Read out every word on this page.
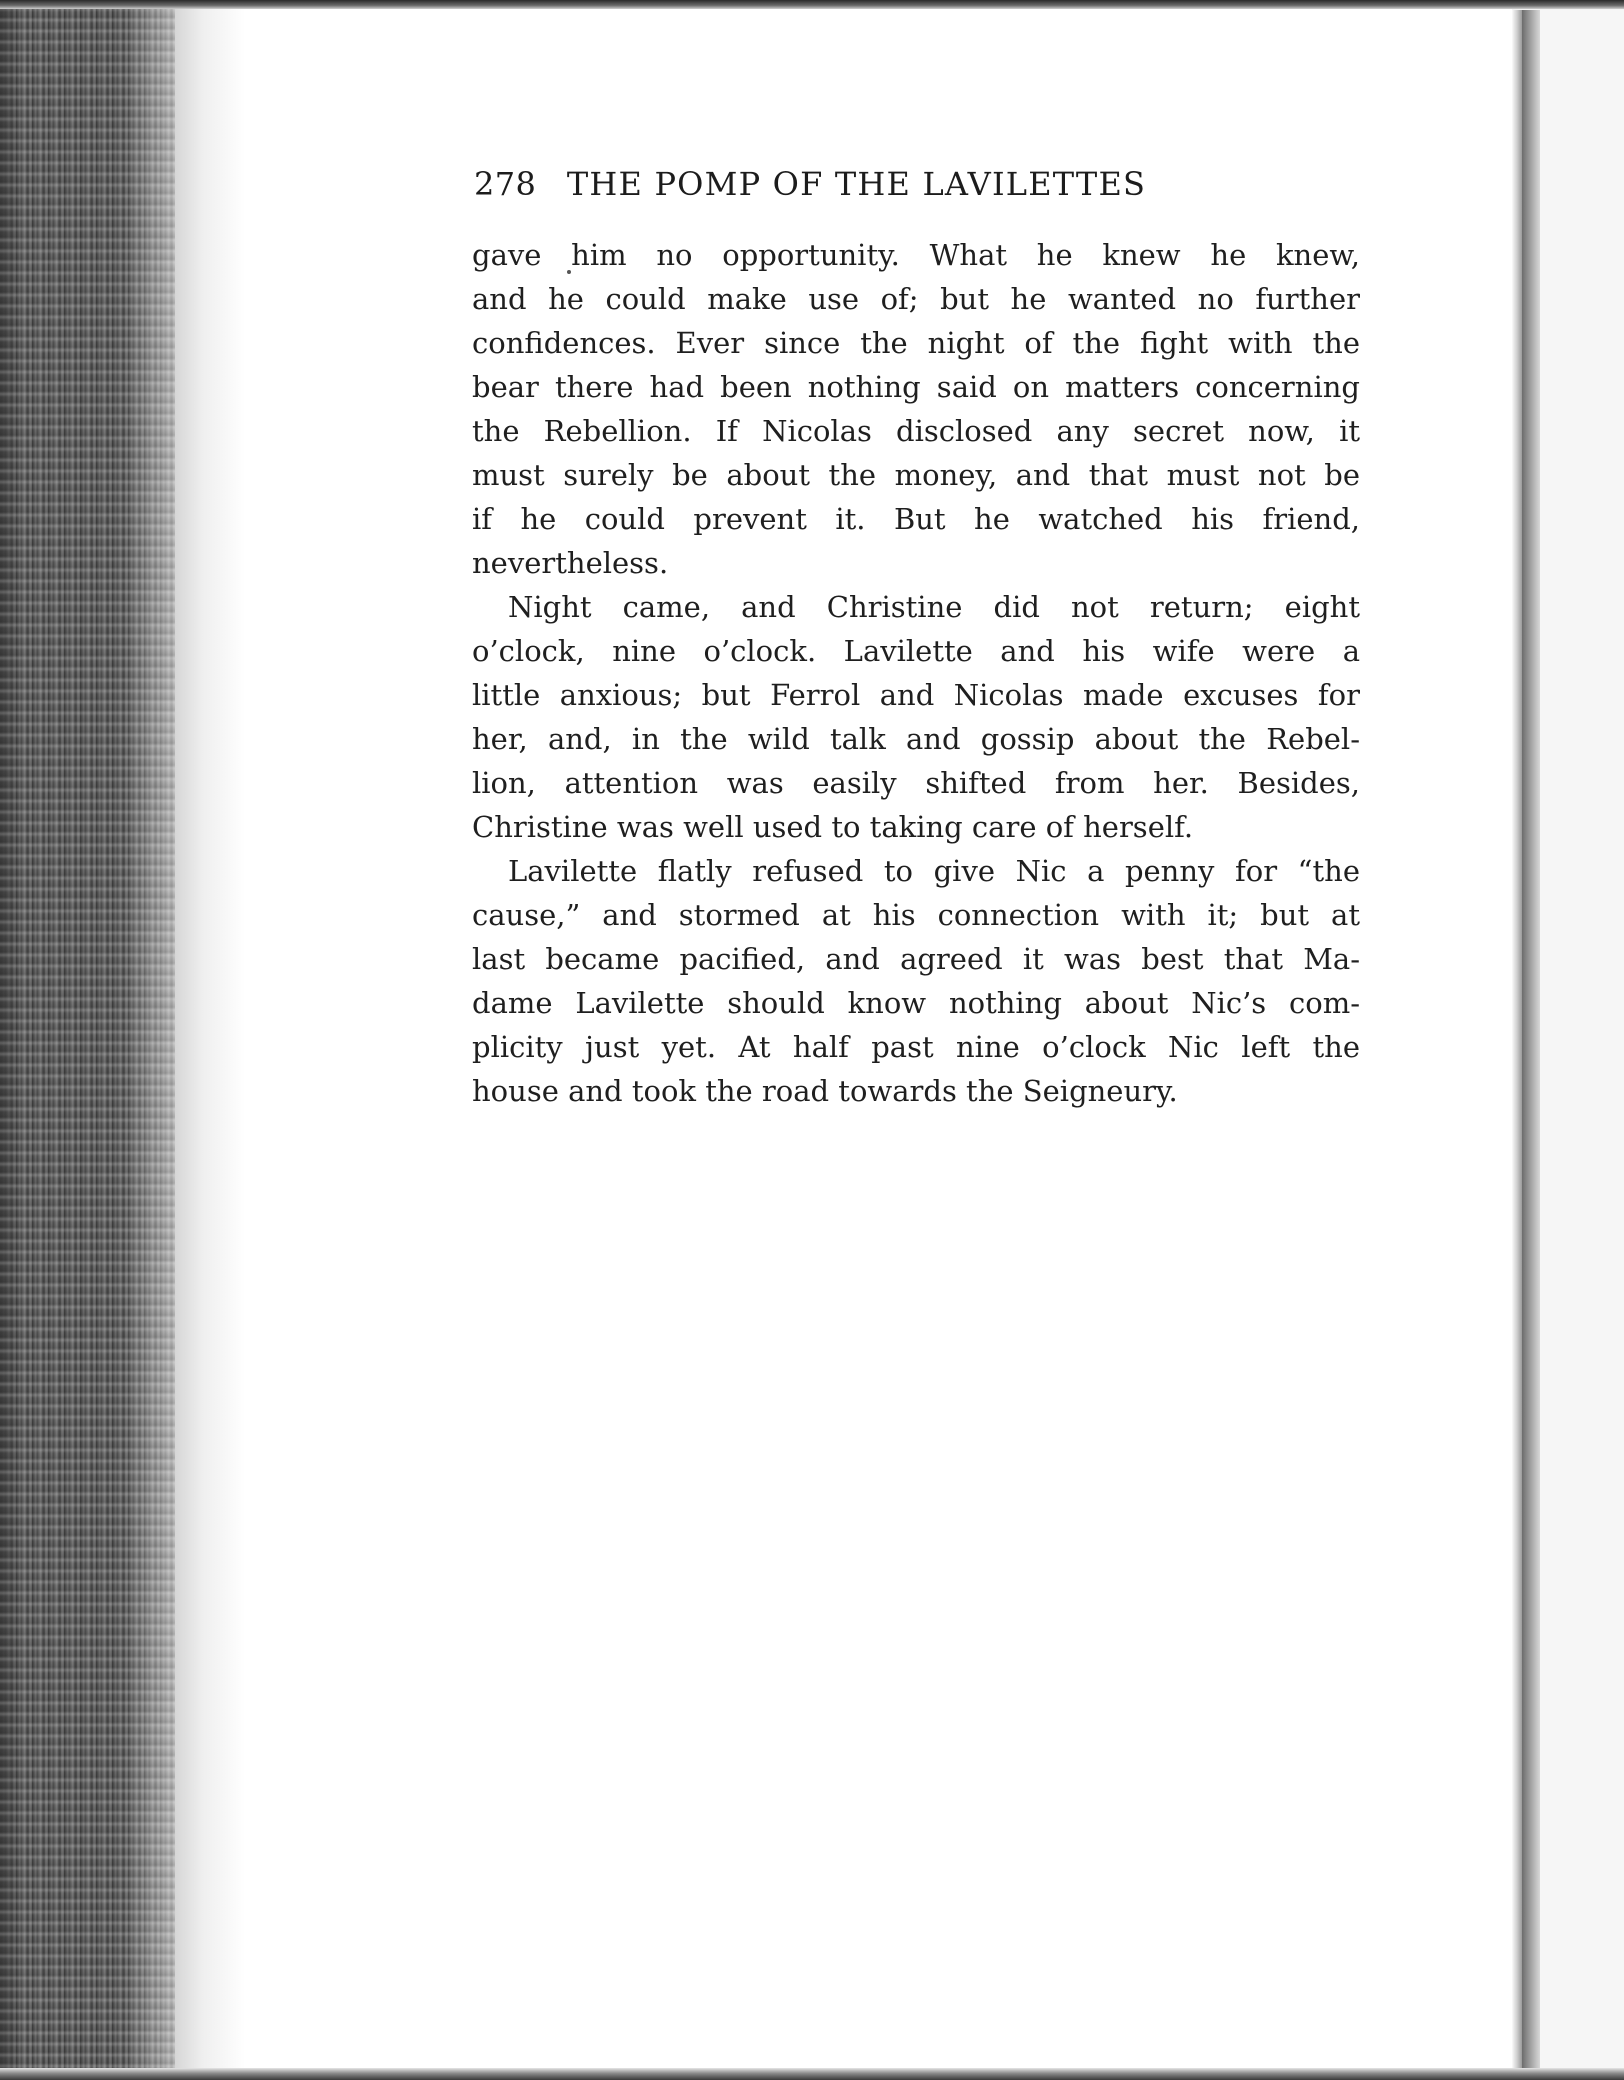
278 THE POMP OF THE LAVILETTES
gave him no opportunity. What he knew he knew,
and he could make use of; but he wanted no further
confidences. Ever since the night of the fight with the
bear there had been nothing said on matters concerning
the Rebellion. If Nicolas disclosed any secret now, it
must surely be about the money, and that must not be
if he could prevent it. But he watched his friend,
nevertheless.
Night came, and Christine did not return; eight
o’clock, nine o’clock. Lavilette and his wife were a
little anxious; but Ferrol and Nicolas made excuses for
her, and, in the wild talk and gossip about the Rebel-
lion, attention was easily shifted from her. Besides,
Christine was well used to taking care of herself.
Lavilette flatly refused to give Nic a penny for “the
cause,” and stormed at his connection with it; but at
last became pacified, and agreed it was best that Ma-
dame Lavilette should know nothing about Nic’s com-
plicity just yet. At half past nine o’clock Nic left the
house and took the road towards the Seigneury.
